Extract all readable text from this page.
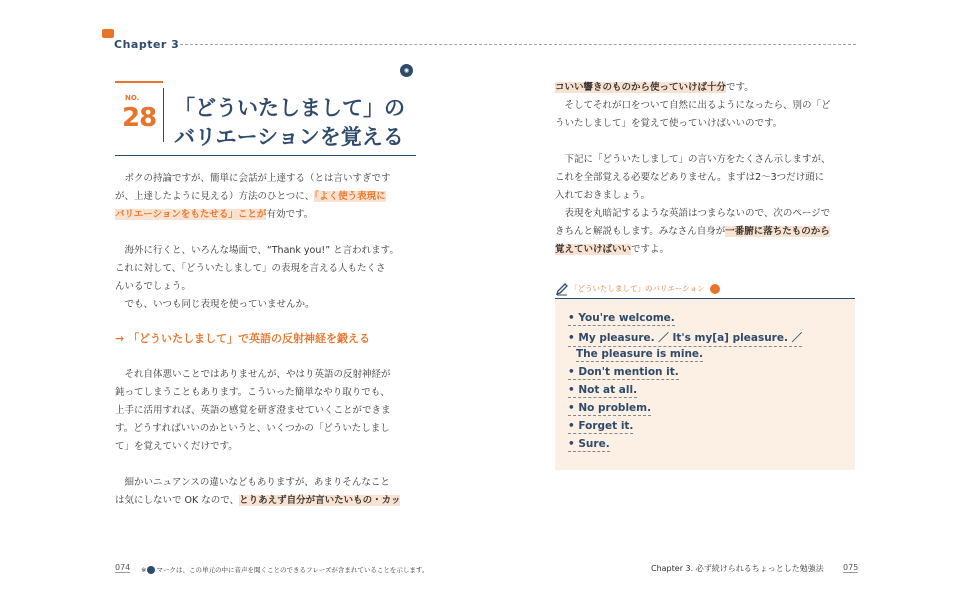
Chapter 3
NO.
28 「どういたしまして」の
バリエーションを覚える
◉
　ボクの持論ですが、簡単に会話が上達する（とは言いすぎです
が、上達したように見える）方法のひとつに、「よく使う表現に
バリエーションをもたせる」ことが有効です。
　海外に行くと、いろんな場面で、“Thank you!” と言われます。
これに対して、「どういたしまして」の表現を言える人もたくさ
んいるでしょう。
　でも、いつも同じ表現を使っていませんか。
→ 「どういたしまして」で英語の反射神経を鍛える
　それ自体悪いことではありませんが、やはり英語の反射神経が
鈍ってしまうこともあります。こういった簡単なやり取りでも、
上手に活用すれば、英語の感覚を研ぎ澄ませていくことができま
す。どうすればいいのかというと、いくつかの「どういたしまし
て」を覚えていくだけです。
　細かいニュアンスの違いなどもありますが、あまりそんなこと
は気にしないで OK なので、とりあえず自分が言いたいもの・カッ
コいい響きのものから使っていけば十分です。
　そしてそれが口をついて自然に出るようになったら、別の「ど
ういたしまして」を覚えて使っていけばいいのです。
　下記に「どういたしまして」の言い方をたくさん示しますが、
これを全部覚える必要などありません。まずは2～3つだけ頭に
入れておきましょう。
　表現を丸暗記するような英語はつまらないので、次のページで
きちんと解説もします。みなさん自身が一番腑に落ちたものから
覚えていけばいいですよ。
「どういたしまして」のバリエーション
• You're welcome.
• My pleasure. ／ It's my[a] pleasure. ／
The pleasure is mine.
• Don't mention it.
• Not at all.
• No problem.
• Forget it.
• Sure.
074 ※ マークは、この単元の中に音声を聞くことのできるフレーズが含まれていることを示します。	Chapter 3. 必ず続けられるちょっとした勉強法 075
